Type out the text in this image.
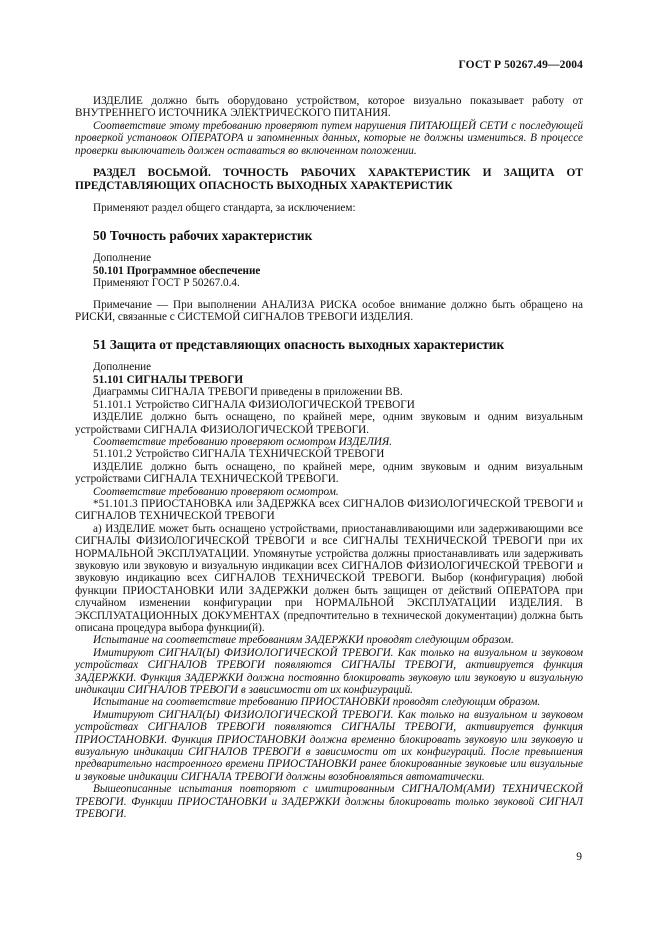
ГОСТ Р 50267.49—2004

ИЗДЕЛИЕ должно быть оборудовано устройством, которое визуально показывает работу от ВНУТРЕННЕГО ИСТОЧНИКА ЭЛЕКТРИЧЕСКОГО ПИТАНИЯ.

Соответствие этому требованию проверяют путем нарушения ПИТАЮЩЕЙ СЕТИ с последующей проверкой установок ОПЕРАТОРА и запомненных данных, которые не должны измениться. В процессе проверки выключатель должен оставаться во включенном положении.

РАЗДЕЛ ВОСЬМОЙ. ТОЧНОСТЬ РАБОЧИХ ХАРАКТЕРИСТИК И ЗАЩИТА ОТ ПРЕДСТАВЛЯЮЩИХ ОПАСНОСТЬ ВЫХОДНЫХ ХАРАКТЕРИСТИК

Применяют раздел общего стандарта, за исключением:

50 Точность рабочих характеристик

Дополнение

50.101 Программное обеспечение

Применяют ГОСТ Р 50267.0.4.

Примечание — При выполнении АНАЛИЗА РИСКА особое внимание должно быть обращено на РИСКИ, связанные с СИСТЕМОЙ СИГНАЛОВ ТРЕВОГИ ИЗДЕЛИЯ.

51 Защита от представляющих опасность выходных характеристик

Дополнение

51.101 СИГНАЛЫ ТРЕВОГИ

Диаграммы СИГНАЛА ТРЕВОГИ приведены в приложении ВВ.

51.101.1 Устройство СИГНАЛА ФИЗИОЛОГИЧЕСКОЙ ТРЕВОГИ

ИЗДЕЛИЕ должно быть оснащено, по крайней мере, одним звуковым и одним визуальным устройствами СИГНАЛА ФИЗИОЛОГИЧЕСКОЙ ТРЕВОГИ.

Соответствие требованию проверяют осмотром ИЗДЕЛИЯ.

51.101.2 Устройство СИГНАЛА ТЕХНИЧЕСКОЙ ТРЕВОГИ

ИЗДЕЛИЕ должно быть оснащено, по крайней мере, одним звуковым и одним визуальным устройствами СИГНАЛА ТЕХНИЧЕСКОЙ ТРЕВОГИ.

Соответствие требованию проверяют осмотром.

*51.101.3 ПРИОСТАНОВКА или ЗАДЕРЖКА всех СИГНАЛОВ ФИЗИОЛОГИЧЕСКОЙ ТРЕВОГИ и СИГНАЛОВ ТЕХНИЧЕСКОЙ ТРЕВОГИ

а) ИЗДЕЛИЕ может быть оснащено устройствами, приостанавливающими или задерживающими все СИГНАЛЫ ФИЗИОЛОГИЧЕСКОЙ ТРЕВОГИ и все СИГНАЛЫ ТЕХНИЧЕСКОЙ ТРЕВОГИ при их НОРМАЛЬНОЙ ЭКСПЛУАТАЦИИ. Упомянутые устройства должны приостанавливать или задерживать звуковую или звуковую и визуальную индикации всех СИГНАЛОВ ФИЗИОЛОГИЧЕСКОЙ ТРЕВОГИ и звуковую индикацию всех СИГНАЛОВ ТЕХНИЧЕСКОЙ ТРЕВОГИ. Выбор (конфигурация) любой функции ПРИОСТАНОВКИ ИЛИ ЗАДЕРЖКИ должен быть защищен от действий ОПЕРАТОРА при случайном изменении конфигурации при НОРМАЛЬНОЙ ЭКСПЛУАТАЦИИ ИЗДЕЛИЯ. В ЭКСПЛУАТАЦИОННЫХ ДОКУМЕНТАХ (предпочтительно в технической документации) должна быть описана процедура выбора функции(й).

Испытание на соответствие требованиям ЗАДЕРЖКИ проводят следующим образом.

Имитируют СИГНАЛ(Ы) ФИЗИОЛОГИЧЕСКОЙ ТРЕВОГИ. Как только на визуальном и звуковом устройствах СИГНАЛОВ ТРЕВОГИ появляются СИГНАЛЫ ТРЕВОГИ, активируется функция ЗАДЕРЖКИ. Функция ЗАДЕРЖКИ должна постоянно блокировать звуковую или звуковую и визуальную индикации СИГНАЛОВ ТРЕВОГИ в зависимости от их конфигураций.

Испытание на соответствие требованию ПРИОСТАНОВКИ проводят следующим образом.

Имитируют СИГНАЛ(Ы) ФИЗИОЛОГИЧЕСКОЙ ТРЕВОГИ. Как только на визуальном и звуковом устройствах СИГНАЛОВ ТРЕВОГИ появляются СИГНАЛЫ ТРЕВОГИ, активируется функция ПРИОСТАНОВКИ. Функция ПРИОСТАНОВКИ должна временно блокировать звуковую или звуковую и визуальную индикации СИГНАЛОВ ТРЕВОГИ в зависимости от их конфигураций. После превышения предварительно настроенного времени ПРИОСТАНОВКИ ранее блокированные звуковые или визуальные и звуковые индикации СИГНАЛА ТРЕВОГИ должны возобновляться автоматически.

Вышеописанные испытания повторяют с имитированным СИГНАЛОМ(АМИ) ТЕХНИЧЕСКОЙ ТРЕВОГИ. Функции ПРИОСТАНОВКИ и ЗАДЕРЖКИ должны блокировать только звуковой СИГНАЛ ТРЕВОГИ.

9
